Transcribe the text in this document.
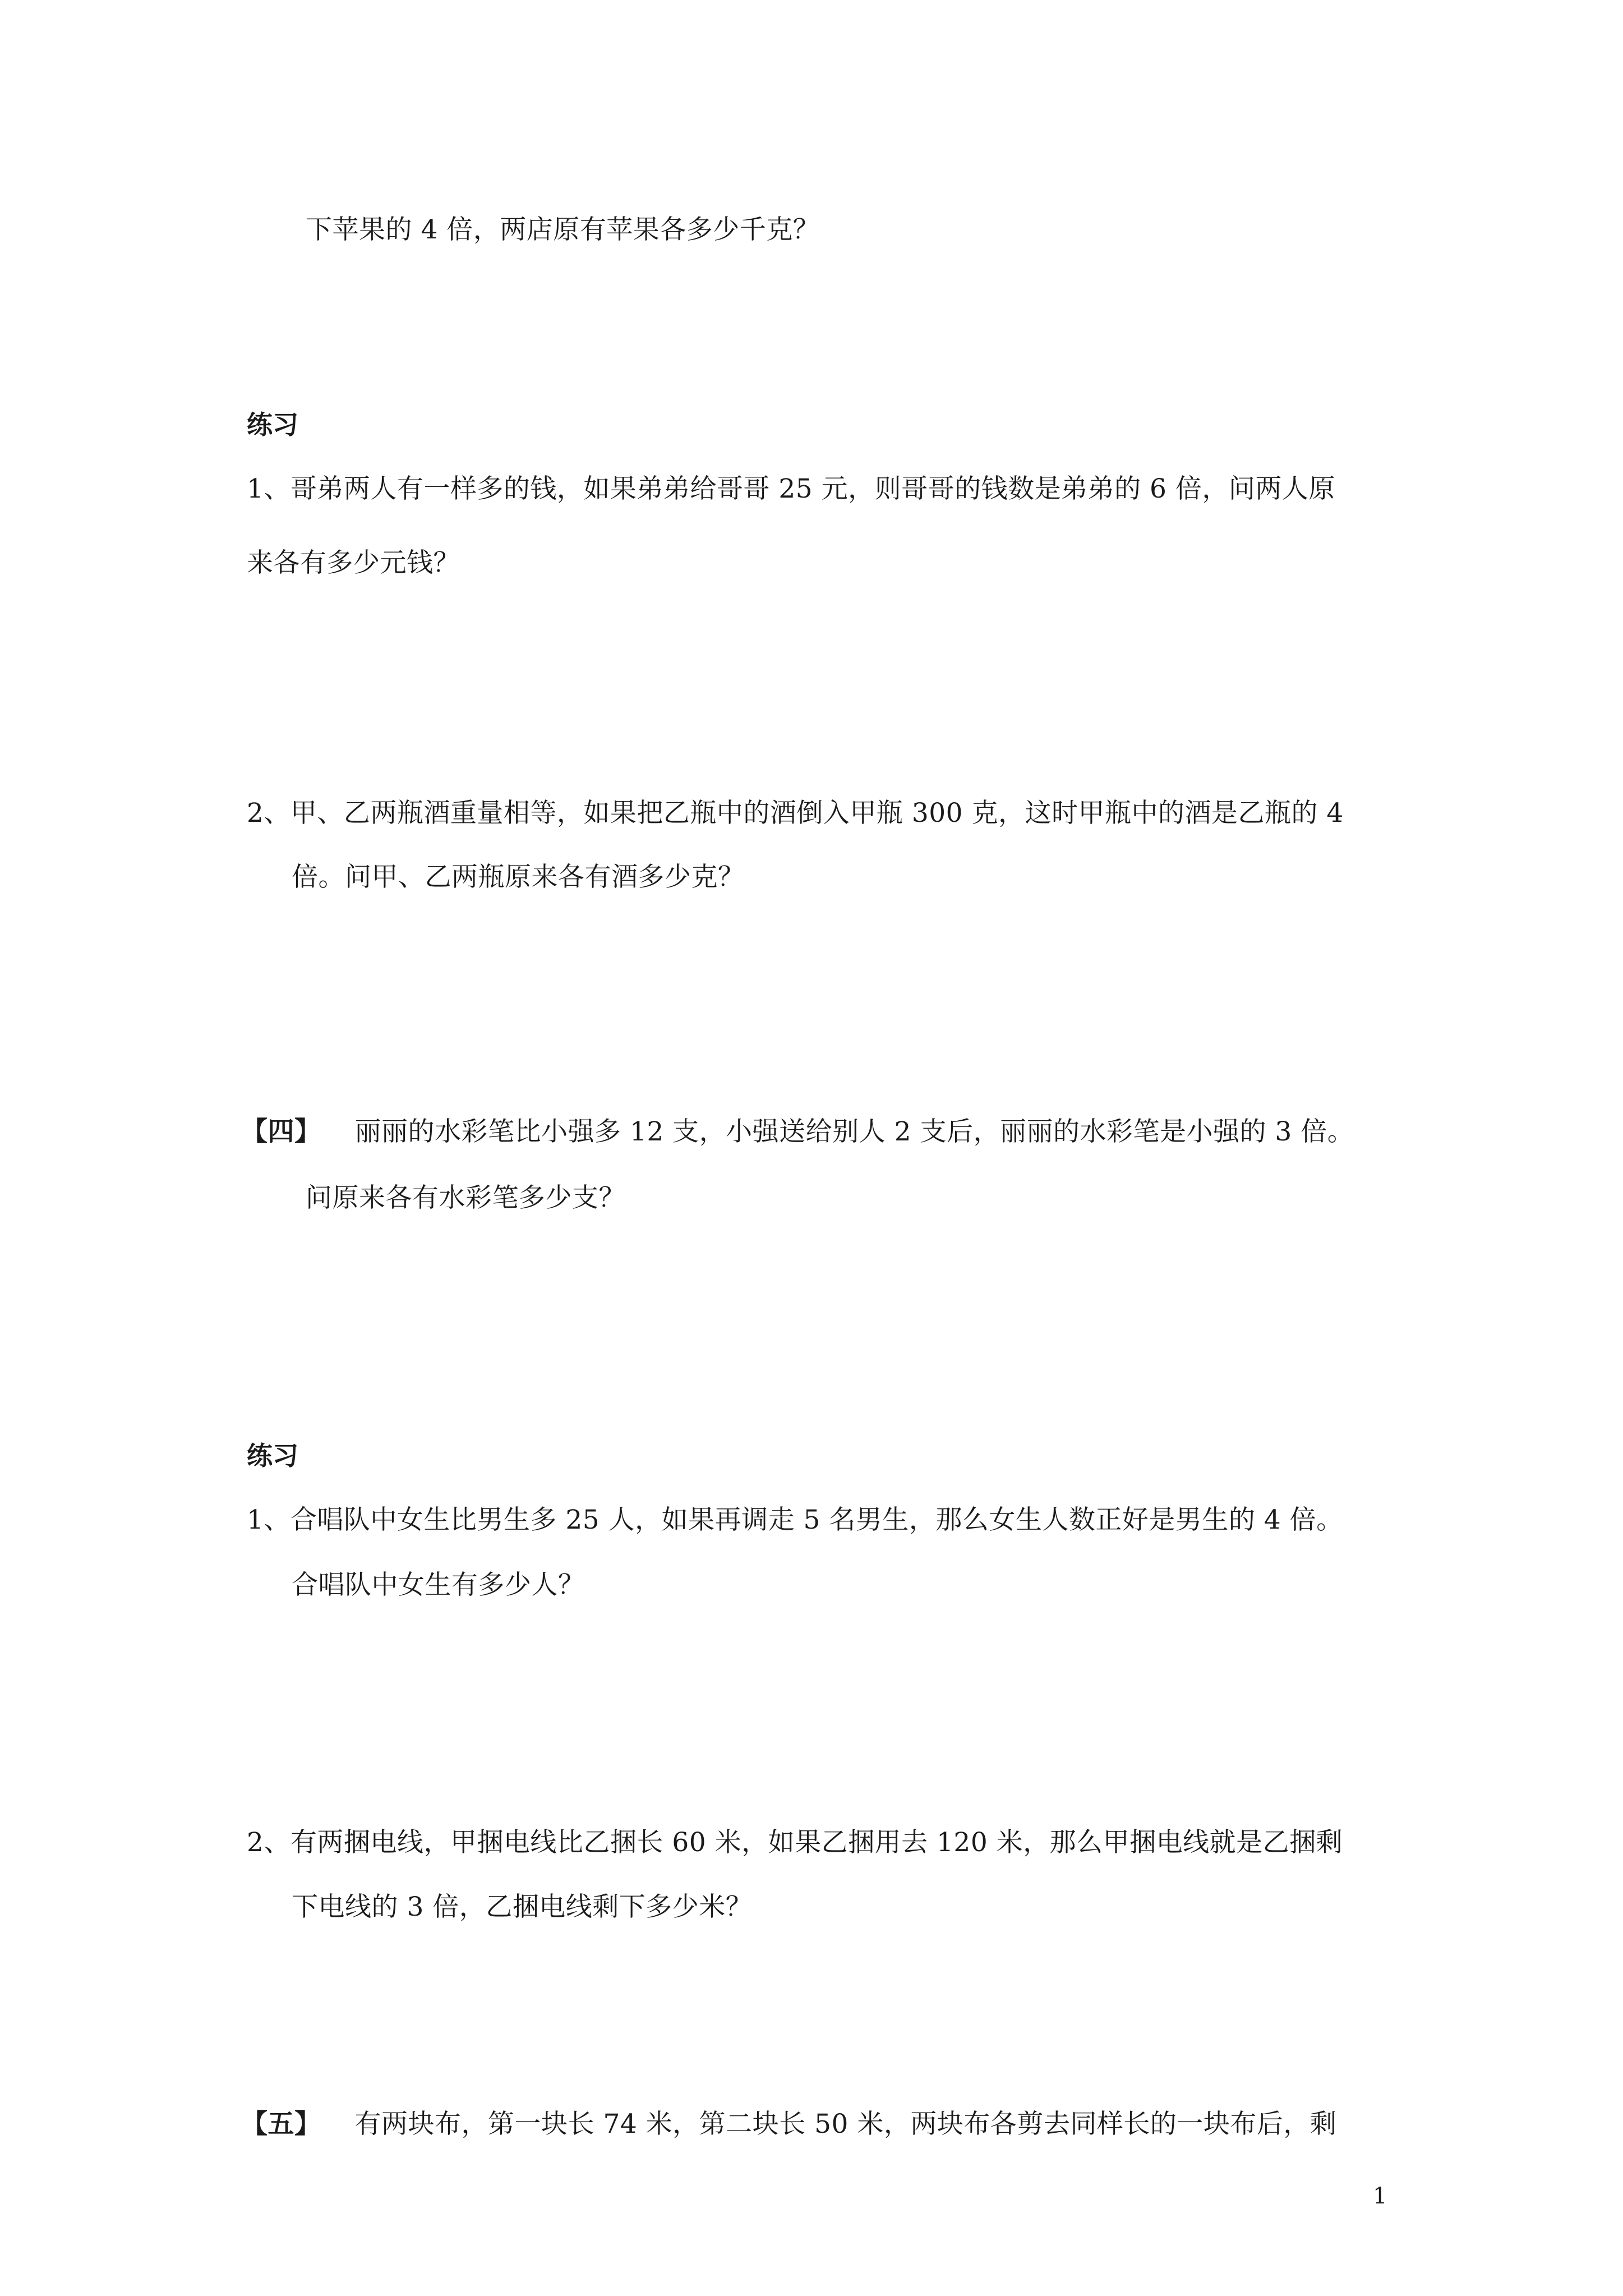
下苹果的 4 倍，两店原有苹果各多少千克？
练习
1、哥弟两人有一样多的钱，如果弟弟给哥哥 25 元，则哥哥的钱数是弟弟的 6 倍，问两人原
来各有多少元钱？
2、甲、乙两瓶酒重量相等，如果把乙瓶中的酒倒入甲瓶 300 克，这时甲瓶中的酒是乙瓶的 4
倍。问甲、乙两瓶原来各有酒多少克？
【四】 丽丽的水彩笔比小强多 12 支，小强送给别人 2 支后，丽丽的水彩笔是小强的 3 倍。
问原来各有水彩笔多少支？
练习
1、合唱队中女生比男生多 25 人，如果再调走 5 名男生，那么女生人数正好是男生的 4 倍。
合唱队中女生有多少人？
2、有两捆电线，甲捆电线比乙捆长 60 米，如果乙捆用去 120 米，那么甲捆电线就是乙捆剩
下电线的 3 倍，乙捆电线剩下多少米？
【五】 有两块布，第一块长 74 米，第二块长 50 米，两块布各剪去同样长的一块布后，剩
1
